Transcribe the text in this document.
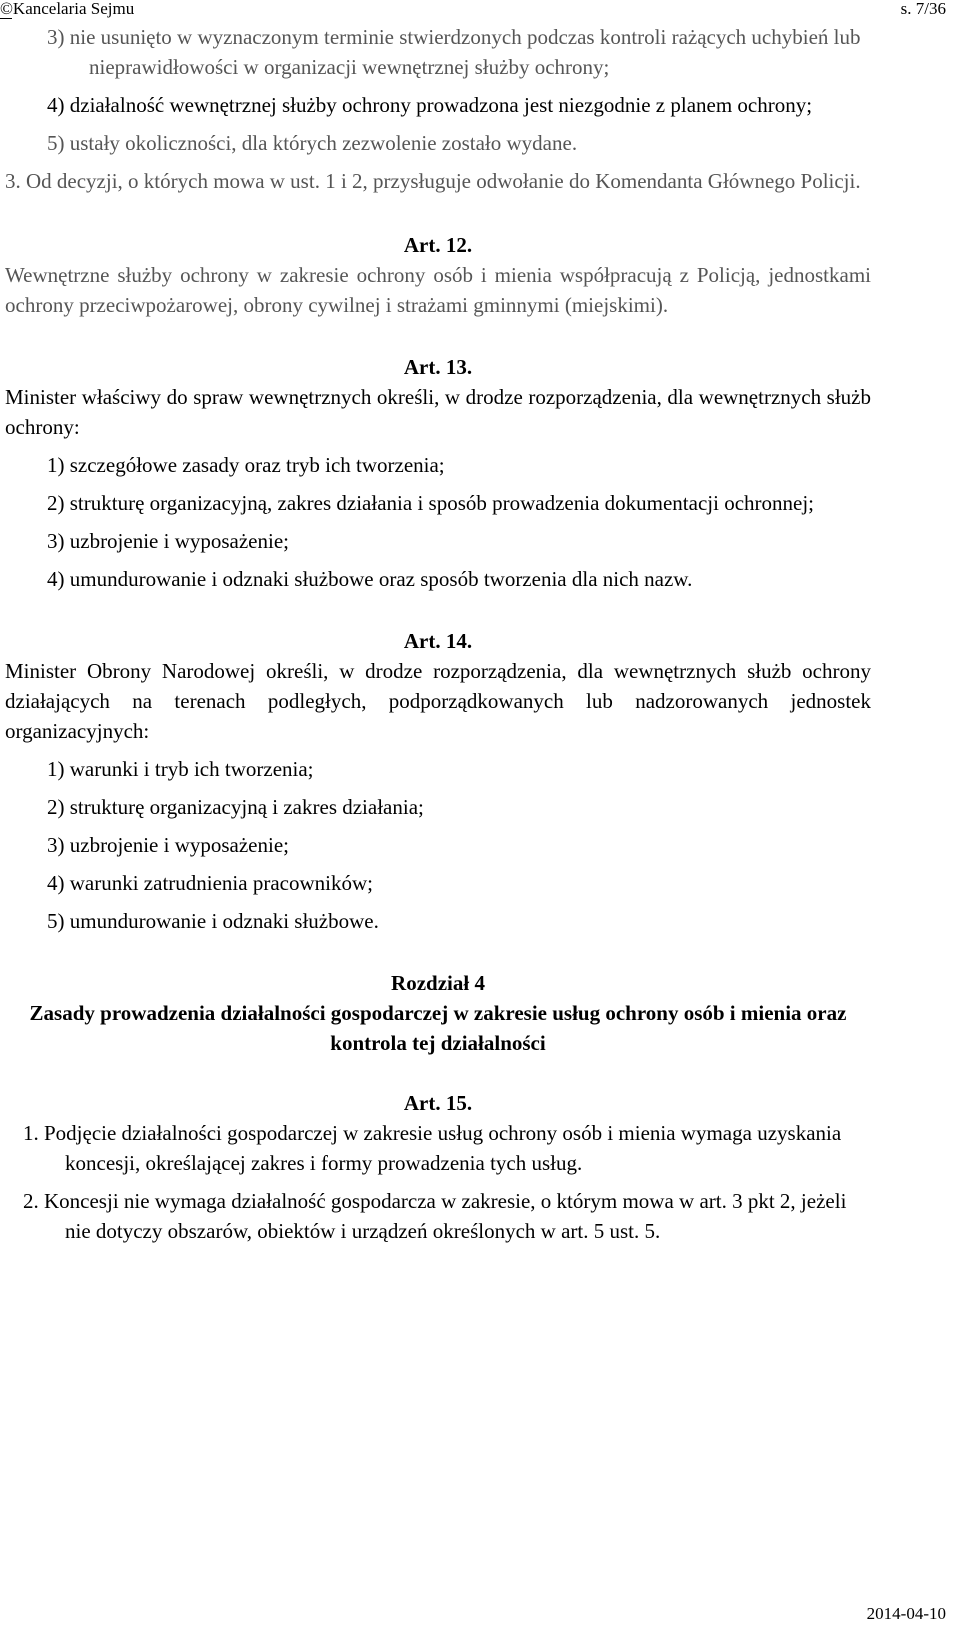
©Kancelaria Sejmu	s. 7/36
3) nie usunięto w wyznaczonym terminie stwierdzonych podczas kontroli rażących uchybień lub nieprawidłowości w organizacji wewnętrznej służby ochrony;
4) działalność wewnętrznej służby ochrony prowadzona jest niezgodnie z planem ochrony;
5) ustały okoliczności, dla których zezwolenie zostało wydane.
3. Od decyzji, o których mowa w ust. 1 i 2, przysługuje odwołanie do Komendanta Głównego Policji.
Art. 12.
Wewnętrzne służby ochrony w zakresie ochrony osób i mienia współpracują z Policją, jednostkami ochrony przeciwpożarowej, obrony cywilnej i strażami gminnymi (miejskimi).
Art. 13.
Minister właściwy do spraw wewnętrznych określi, w drodze rozporządzenia, dla wewnętrznych służb ochrony:
1) szczegółowe zasady oraz tryb ich tworzenia;
2) strukturę organizacyjną, zakres działania i sposób prowadzenia dokumentacji ochronnej;
3) uzbrojenie i wyposażenie;
4) umundurowanie i odznaki służbowe oraz sposób tworzenia dla nich nazw.
Art. 14.
Minister Obrony Narodowej określi, w drodze rozporządzenia, dla wewnętrznych służb ochrony działających na terenach podległych, podporządkowanych lub nadzorowanych jednostek organizacyjnych:
1) warunki i tryb ich tworzenia;
2) strukturę organizacyjną i zakres działania;
3) uzbrojenie i wyposażenie;
4) warunki zatrudnienia pracowników;
5) umundurowanie i odznaki służbowe.
Rozdział 4
Zasady prowadzenia działalności gospodarczej w zakresie usług ochrony osób i mienia oraz kontrola tej działalności
Art. 15.
1. Podjęcie działalności gospodarczej w zakresie usług ochrony osób i mienia wymaga uzyskania koncesji, określającej zakres i formy prowadzenia tych usług.
2. Koncesji nie wymaga działalność gospodarcza w zakresie, o którym mowa w art. 3 pkt 2, jeżeli nie dotyczy obszarów, obiektów i urządzeń określonych w art. 5 ust. 5.
2014-04-10
